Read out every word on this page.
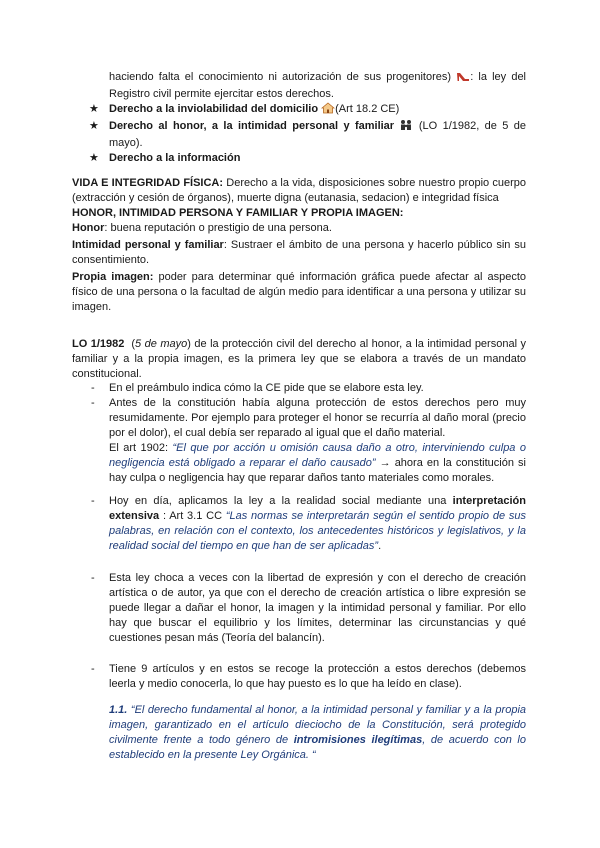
haciendo falta el conocimiento ni autorización de sus progenitores) : la ley del Registro civil permite ejercitar estos derechos.

★ Derecho a la inviolabilidad del domicilio (Art 18.2 CE)

★ Derecho al honor, a la intimidad personal y familiar (LO 1/1982, de 5 de mayo).

★ Derecho a la información

VIDA E INTEGRIDAD FÍSICA: Derecho a la vida, disposiciones sobre nuestro propio cuerpo (extracción y cesión de órganos), muerte digna (eutanasia, sedacion) e integridad física

HONOR, INTIMIDAD PERSONA Y FAMILIAR Y PROPIA IMAGEN:

Honor: buena reputación o prestigio de una persona.

Intimidad personal y familiar: Sustraer el ámbito de una persona y hacerlo público sin su consentimiento.

Propia imagen: poder para determinar qué información gráfica puede afectar al aspecto físico de una persona o la facultad de algún medio para identificar a una persona y utilizar su imagen.

LO 1/1982  (5 de mayo) de la protección civil del derecho al honor, a la intimidad personal y familiar y a la propia imagen, es la primera ley que se elabora a través de un mandato constitucional.

- En el preámbulo indica cómo la CE pide que se elabore esta ley.

- Antes de la constitución había alguna protección de estos derechos pero muy resumidamente. Por ejemplo para proteger el honor se recurría al daño moral (precio por el dolor), el cual debía ser reparado al igual que el daño material.

El art 1902: “El que por acción u omisión causa daño a otro, interviniendo culpa o negligencia está obligado a reparar el daño causado” → ahora en la constitución si hay culpa o negligencia hay que reparar daños tanto materiales como morales.

- Hoy en día, aplicamos la ley a la realidad social mediante una interpretación extensiva : Art 3.1 CC “Las normas se interpretarán según el sentido propio de sus palabras, en relación con el contexto, los antecedentes históricos y legislativos, y la realidad social del tiempo en que han de ser aplicadas”.

- Esta ley choca a veces con la libertad de expresión y con el derecho de creación artística o de autor, ya que con el derecho de creación artística o libre expresión se puede llegar a dañar el honor, la imagen y la intimidad personal y familiar. Por ello hay que buscar el equilibrio y los límites, determinar las circunstancias y qué cuestiones pesan más (Teoría del balancín).

- Tiene 9 artículos y en estos se recoge la protección a estos derechos (debemos leerla y medio conocerla, lo que hay puesto es lo que ha leído en clase).

1.1. “El derecho fundamental al honor, a la intimidad personal y familiar y a la propia imagen, garantizado en el artículo dieciocho de la Constitución, será protegido civilmente frente a todo género de intromisiones ilegítimas, de acuerdo con lo establecido en la presente Ley Orgánica. “
